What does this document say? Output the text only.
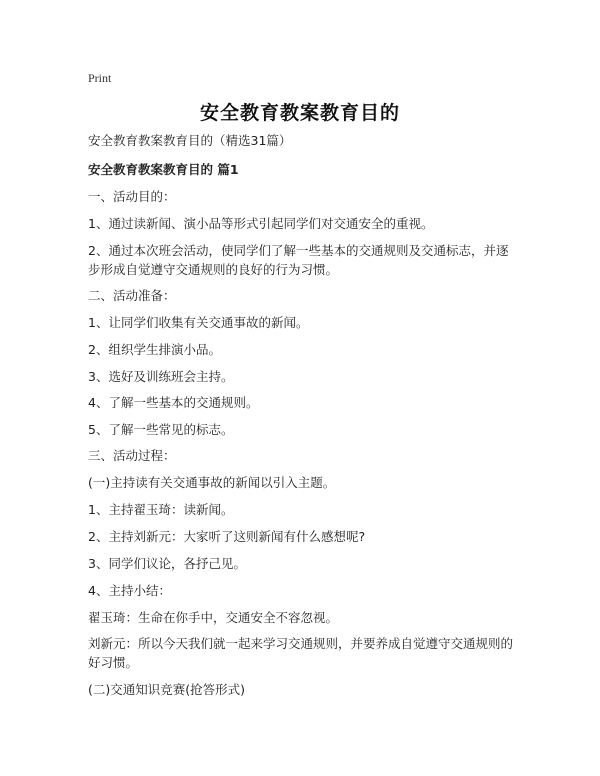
Print
安全教育教案教育目的
安全教育教案教育目的（精选31篇）
安全教育教案教育目的 篇1
一、活动目的：
1、通过读新闻、演小品等形式引起同学们对交通安全的重视。
2、通过本次班会活动，使同学们了解一些基本的交通规则及交通标志，并逐步形成自觉遵守交通规则的良好的行为习惯。
二、活动准备：
1、让同学们收集有关交通事故的新闻。
2、组织学生排演小品。
3、选好及训练班会主持。
4、了解一些基本的交通规则。
5、了解一些常见的标志。
三、活动过程：
(一)主持读有关交通事故的新闻以引入主题。
1、主持翟玉琦：读新闻。
2、主持刘新元：大家听了这则新闻有什么感想呢?
3、同学们议论，各抒己见。
4、主持小结：
翟玉琦：生命在你手中，交通安全不容忽视。
刘新元：所以今天我们就一起来学习交通规则，并要养成自觉遵守交通规则的好习惯。
(二)交通知识竞赛(抢答形式)
